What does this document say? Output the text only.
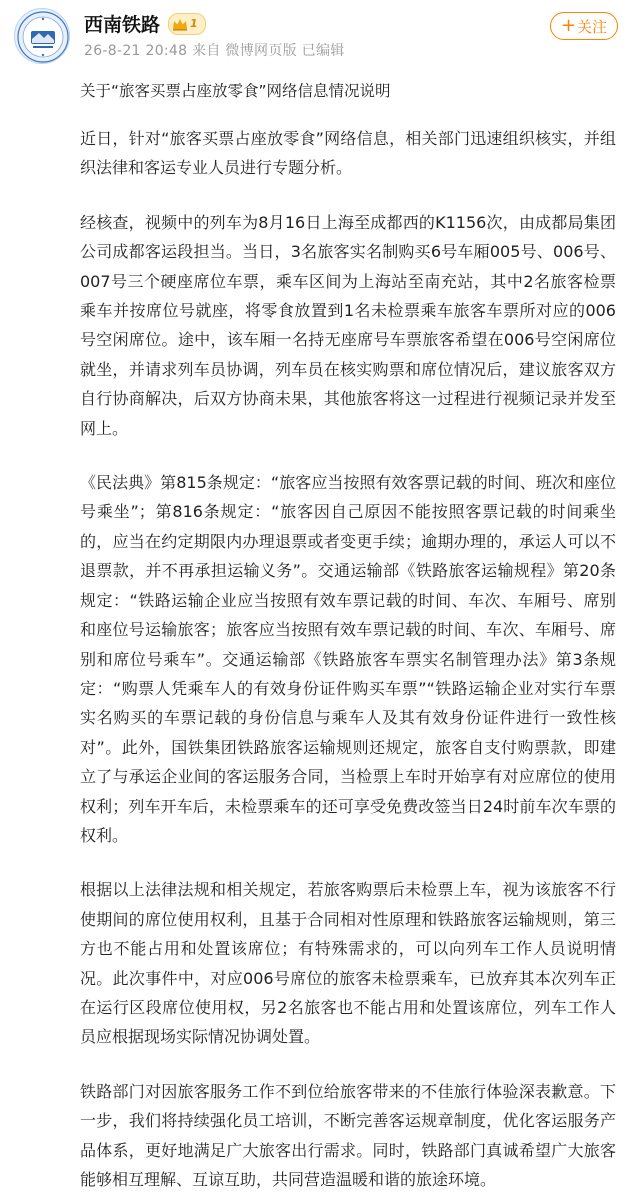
西南铁路	1
26-8-21 20:48 来自 微博网页版 已编辑
+ 关注
关于“旅客买票占座放零食”网络信息情况说明

近日，针对“旅客买票占座放零食”网络信息，相关部门迅速组织核实，并组织法律和客运专业人员进行专题分析。

经核查，视频中的列车为8月16日上海至成都西的K1156次，由成都局集团公司成都客运段担当。当日，3名旅客实名制购买6号车厢005号、006号、007号三个硬座席位车票，乘车区间为上海站至南充站，其中2名旅客检票乘车并按席位号就座，将零食放置到1名未检票乘车旅客车票所对应的006号空闲席位。途中，该车厢一名持无座席号车票旅客希望在006号空闲席位就坐，并请求列车员协调，列车员在核实购票和席位情况后，建议旅客双方自行协商解决，后双方协商未果，其他旅客将这一过程进行视频记录并发至网上。

《民法典》第815条规定：“旅客应当按照有效客票记载的时间、班次和座位号乘坐”；第816条规定：“旅客因自己原因不能按照客票记载的时间乘坐的，应当在约定期限内办理退票或者变更手续；逾期办理的，承运人可以不退票款，并不再承担运输义务”。交通运输部《铁路旅客运输规程》第20条规定：“铁路运输企业应当按照有效车票记载的时间、车次、车厢号、席别和座位号运输旅客；旅客应当按照有效车票记载的时间、车次、车厢号、席别和席位号乘车”。交通运输部《铁路旅客车票实名制管理办法》第3条规定：“购票人凭乘车人的有效身份证件购买车票”“铁路运输企业对实行车票实名购买的车票记载的身份信息与乘车人及其有效身份证件进行一致性核对”。此外，国铁集团铁路旅客运输规则还规定，旅客自支付购票款，即建立了与承运企业间的客运服务合同，当检票上车时开始享有对应席位的使用权利；列车开车后，未检票乘车的还可享受免费改签当日24时前车次车票的权利。

根据以上法律法规和相关规定，若旅客购票后未检票上车，视为该旅客不行使期间的席位使用权利，且基于合同相对性原理和铁路旅客运输规则，第三方也不能占用和处置该席位；有特殊需求的，可以向列车工作人员说明情况。此次事件中，对应006号席位的旅客未检票乘车，已放弃其本次列车正在运行区段席位使用权，另2名旅客也不能占用和处置该席位，列车工作人员应根据现场实际情况协调处置。

铁路部门对因旅客服务工作不到位给旅客带来的不佳旅行体验深表歉意。下一步，我们将持续强化员工培训，不断完善客运规章制度，优化客运服务产品体系，更好地满足广大旅客出行需求。同时，铁路部门真诚希望广大旅客能够相互理解、互谅互助，共同营造温暖和谐的旅途环境。
